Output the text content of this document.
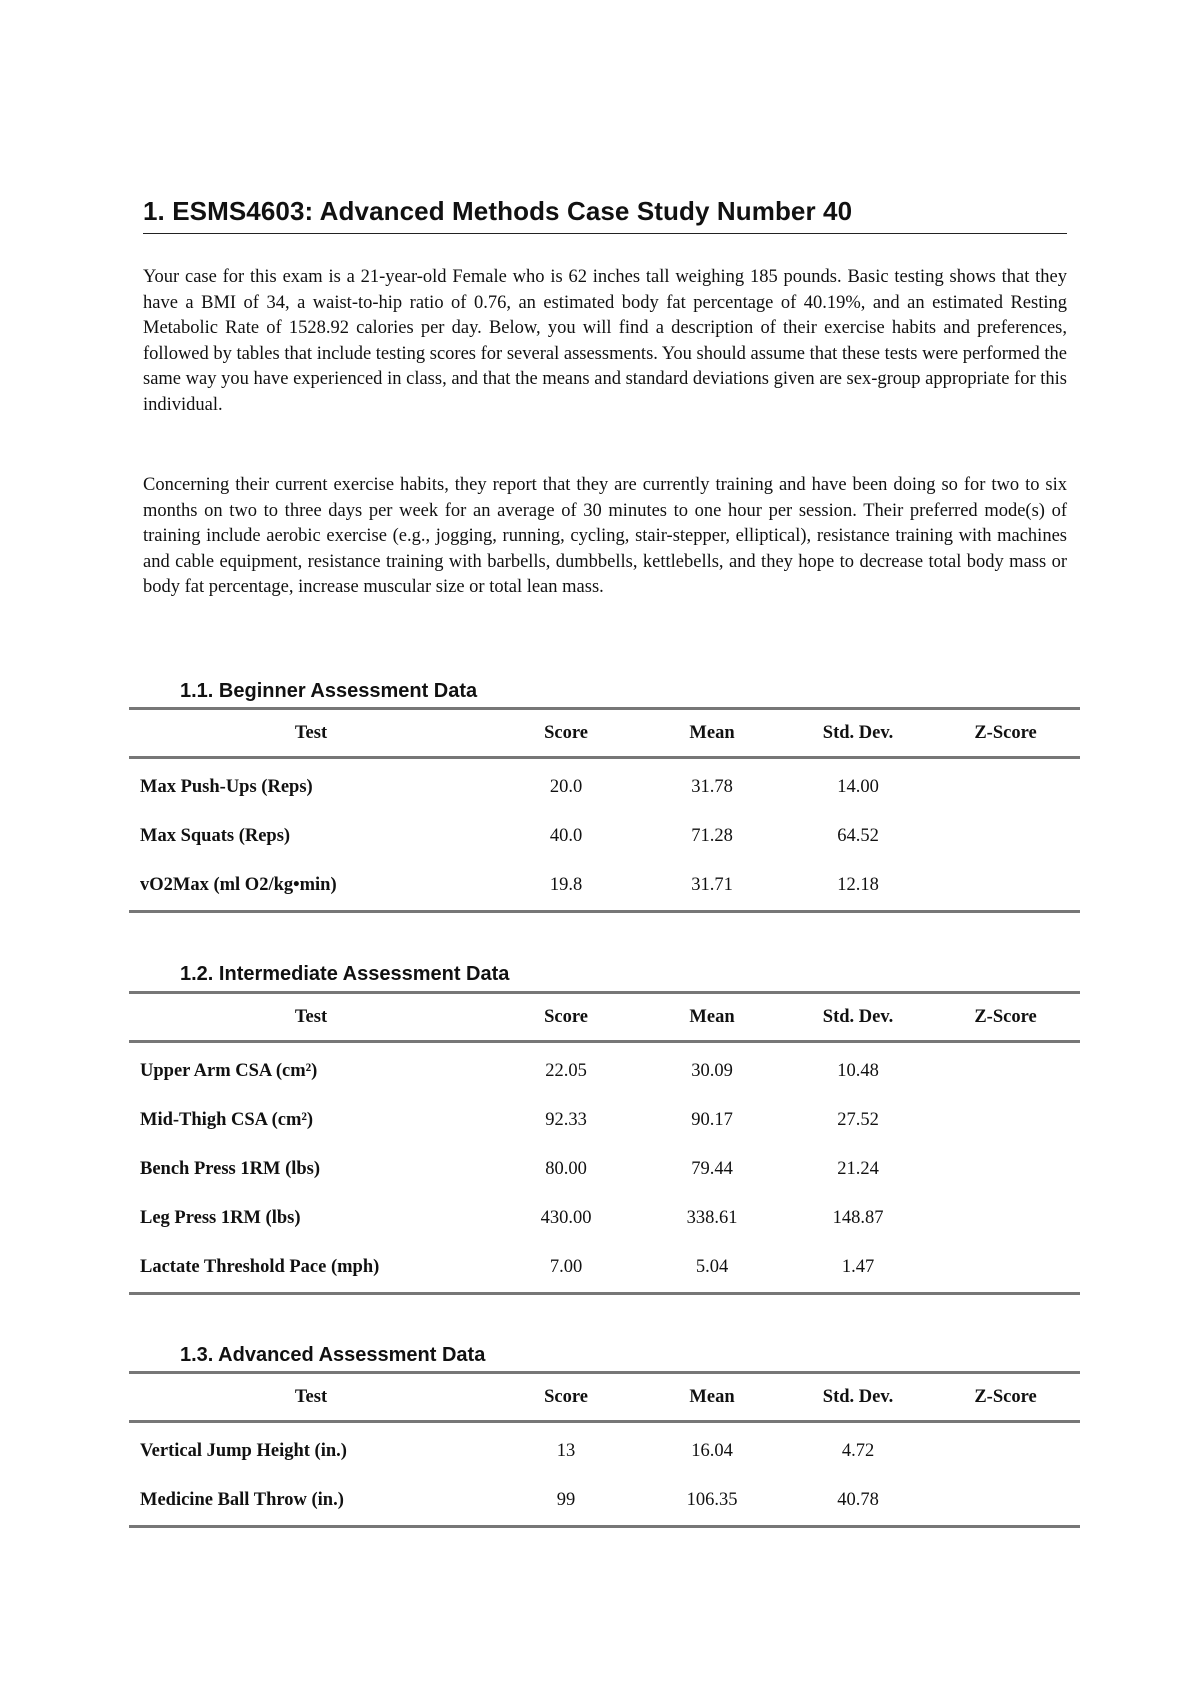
1. ESMS4603: Advanced Methods Case Study Number 40

Your case for this exam is a 21-year-old Female who is 62 inches tall weighing 185 pounds. Basic testing shows that they have a BMI of 34, a waist-to-hip ratio of 0.76, an estimated body fat percentage of 40.19%, and an estimated Resting Metabolic Rate of 1528.92 calories per day. Below, you will find a description of their exercise habits and preferences, followed by tables that include testing scores for several assessments. You should assume that these tests were performed the same way you have experienced in class, and that the means and standard deviations given are sex-group appropriate for this individual.

Concerning their current exercise habits, they report that they are currently training and have been doing so for two to six months on two to three days per week for an average of 30 minutes to one hour per session. Their preferred mode(s) of training include aerobic exercise (e.g., jogging, running, cycling, stair-stepper, elliptical), resistance training with machines and cable equipment, resistance training with barbells, dumbbells, kettlebells, and they hope to decrease total body mass or body fat percentage, increase muscular size or total lean mass.

1.1. Beginner Assessment Data
Test	Score	Mean	Std. Dev.	Z-Score
Max Push-Ups (Reps)	20.0	31.78	14.00	
Max Squats (Reps)	40.0	71.28	64.52	
vO2Max (ml O2/kg•min)	19.8	31.71	12.18	
1.2. Intermediate Assessment Data
Test	Score	Mean	Std. Dev.	Z-Score
Upper Arm CSA (cm²)	22.05	30.09	10.48	
Mid-Thigh CSA (cm²)	92.33	90.17	27.52	
Bench Press 1RM (lbs)	80.00	79.44	21.24	
Leg Press 1RM (lbs)	430.00	338.61	148.87	
Lactate Threshold Pace (mph)	7.00	5.04	1.47	
1.3. Advanced Assessment Data
Test	Score	Mean	Std. Dev.	Z-Score
Vertical Jump Height (in.)	13	16.04	4.72	
Medicine Ball Throw (in.)	99	106.35	40.78	
